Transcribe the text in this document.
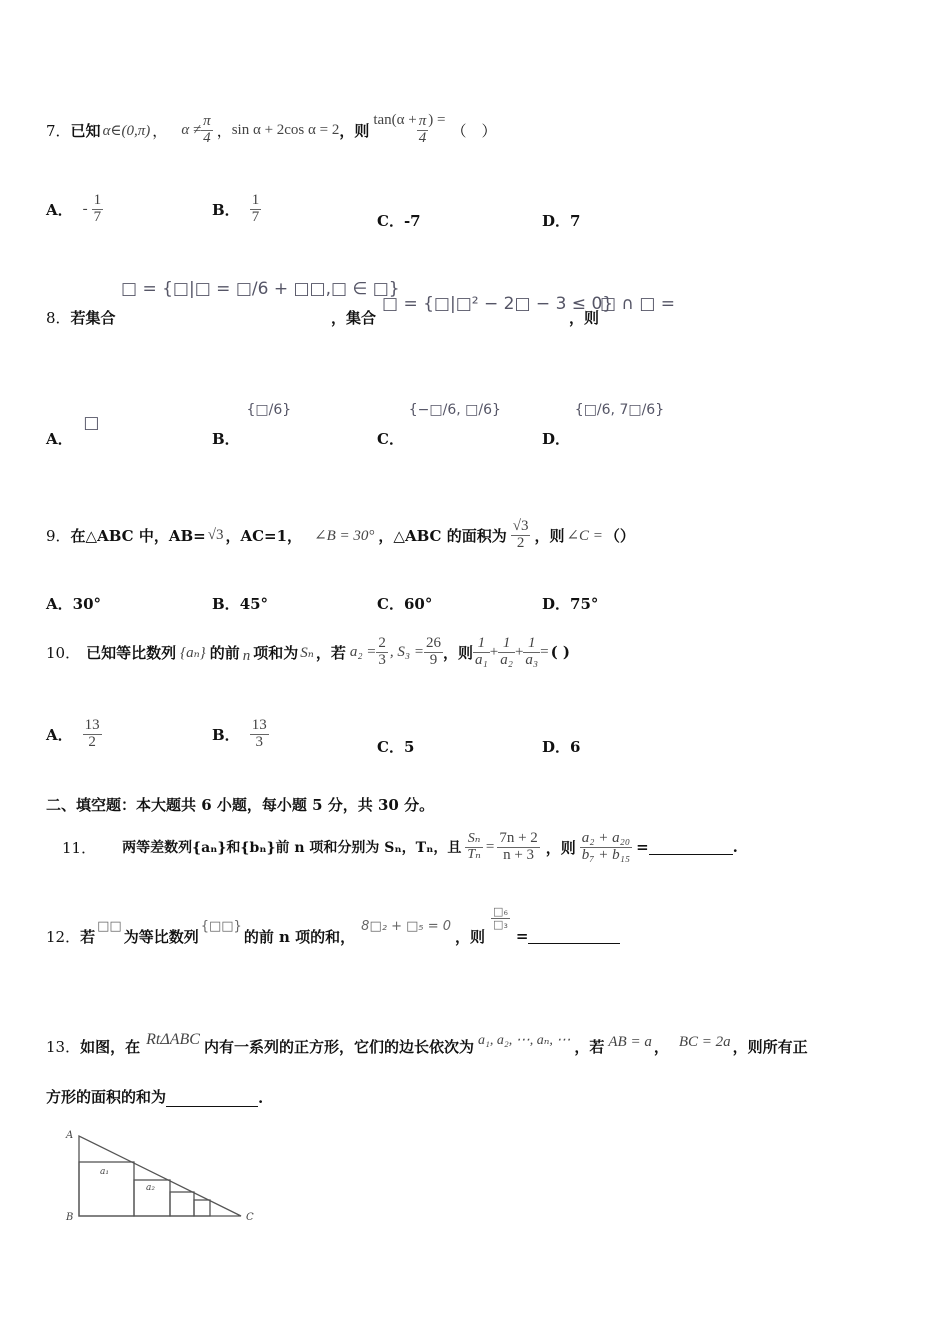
7． 已知 α∈(0,π) ， $\alpha \ne \frac{\pi}{4}$ ， sin α + 2cos α = 2 ，则
$\tan(\alpha + \frac{\pi}{4}$ ) =
（　）
A． - $\frac{1}{7}$	B． $\frac{1}{7}$	C．-7	D．7
8．若集合
□ = {□|□ = □/6 + □□,□ ∈ □}
，集合
□ = {□|□² − 2□ − 3 ≤ 0}
，则
□ ∩ □ =
A． □
B． {□/6}
C． {−□/6, □/6}
D． {□/6, 7□/6}
9． 在△ABC 中，AB= √3 ，AC=1， ∠B = 30° ，△ABC 的面积为 $\frac{√3}{2}$ ，则 ∠C = （）
A．30°	B．45°	C．60°	D．75°
10． 已知等比数列 {aₙ} 的前 n 项和为 Sₙ ，若 $a_2 = \frac{2}{3}$ , $S_3 = \frac{26}{9}$ ，则 $\frac{1}{\text{a₁}} + \frac{1}{\text{a₂}} + \frac{1}{\text{a₃}}$ = ( )
A． $\frac{13}{2}$	B． $\frac{13}{3}$	C．5	D．6
二、填空题：本大题共 6 小题，每小题 5 分，共 30 分。
11． 两等差数列{aₙ}和{bₙ}前 n 项和分别为 Sₙ，Tₙ，且 $\frac{\text{Sₙ}}{\text{Tₙ}} = \frac{7n + 2}{n + 3}$ ，则 $\frac{\text{a₂ + a₂₀}}{\text{b₇ + b₁₅}}$ =	.
12． 若
□□
为等比数列
{□□}
的前 n 项的和，
8□₂ + □₅ = 0
，则
$\frac{\text{□₆}}{\text{□₃}}$
=
13． 如图，在 RtΔABC 内有一系列的正方形，它们的边长依次为 a₁, a₂, ⋯, aₙ, ⋯ ，若 AB = a ， BC = 2a ，则所有正
方形的面积的和为	.
A
B	C
a₁
a₂
